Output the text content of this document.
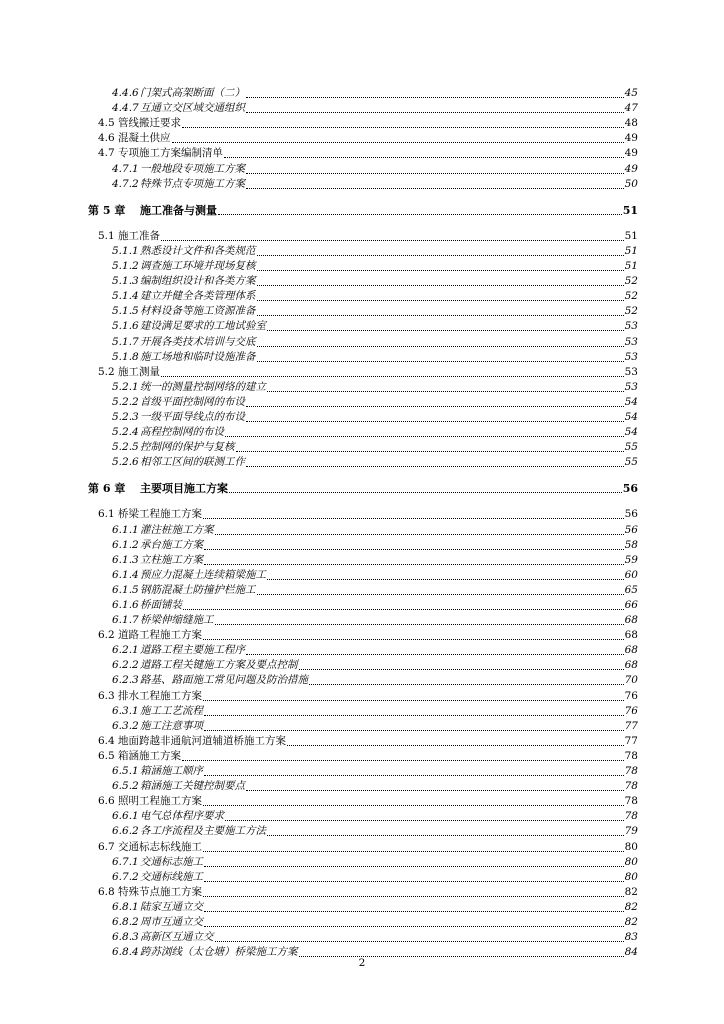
4.4.6 门架式高架断面（二）	45
4.4.7 互通立交区域交通组织	47
4.5 管线搬迁要求	48
4.6 混凝土供应	49
4.7 专项施工方案编制清单	49
4.7.1 一般地段专项施工方案	49
4.7.2 特殊节点专项施工方案	50
第 5 章	施工准备与测量	51
5.1 施工准备	51
5.1.1 熟悉设计文件和各类规范	51
5.1.2 调查施工环境并现场复核	51
5.1.3 编制组织设计和各类方案	52
5.1.4 建立并健全各类管理体系	52
5.1.5 材料设备等施工资源准备	52
5.1.6 建设满足要求的工地试验室	53
5.1.7 开展各类技术培训与交底	53
5.1.8 施工场地和临时设施准备	53
5.2 施工测量	53
5.2.1 统一的测量控制网络的建立	53
5.2.2 首级平面控制网的布设	54
5.2.3 一级平面导线点的布设	54
5.2.4 高程控制网的布设	54
5.2.5 控制网的保护与复核	55
5.2.6 相邻工区间的联测工作	55
第 6 章	主要项目施工方案	56
6.1 桥梁工程施工方案	56
6.1.1 灌注桩施工方案	56
6.1.2 承台施工方案	58
6.1.3 立柱施工方案	59
6.1.4 预应力混凝土连续箱梁施工	60
6.1.5 钢筋混凝土防撞护栏施工	65
6.1.6 桥面铺装	66
6.1.7 桥梁伸缩缝施工	68
6.2 道路工程施工方案	68
6.2.1 道路工程主要施工程序	68
6.2.2 道路工程关键施工方案及要点控制	68
6.2.3 路基、路面施工常见问题及防治措施	70
6.3 排水工程施工方案	76
6.3.1 施工工艺流程	76
6.3.2 施工注意事项	77
6.4 地面跨越非通航河道辅道桥施工方案	77
6.5 箱涵施工方案	78
6.5.1 箱涵施工顺序	78
6.5.2 箱涵施工关键控制要点	78
6.6 照明工程施工方案	78
6.6.1 电气总体程序要求	78
6.6.2 各工序流程及主要施工方法	79
6.7 交通标志标线施工	80
6.7.1 交通标志施工	80
6.7.2 交通标线施工	80
6.8 特殊节点施工方案	82
6.8.1 陆家互通立交	82
6.8.2 周市互通立交	82
6.8.3 高新区互通立交	83
6.8.4 跨苏浏线（太仓塘）桥梁施工方案	84
2
